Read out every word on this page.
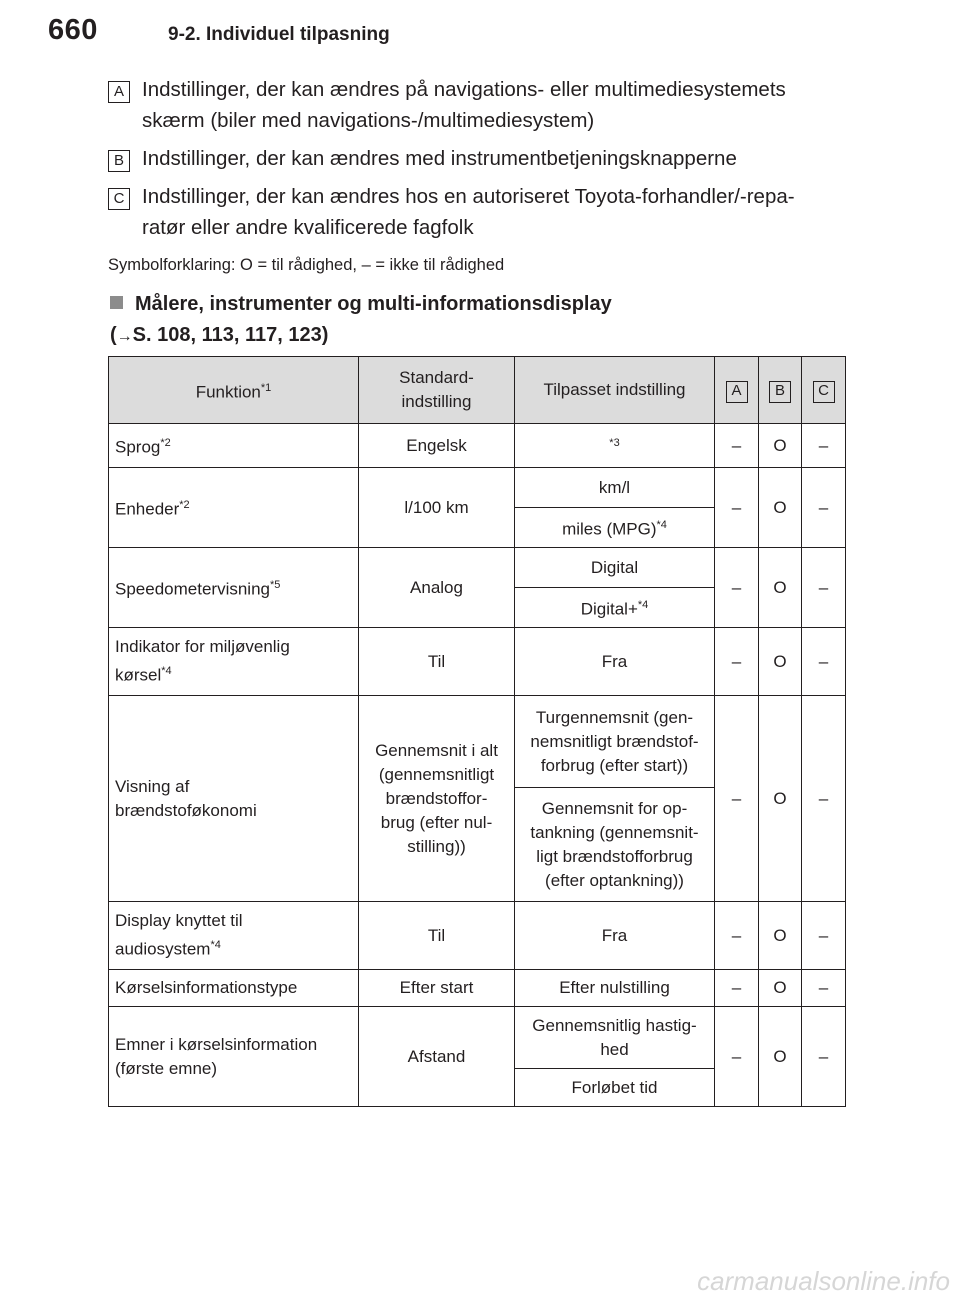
660	9-2. Individuel tilpasning
A Indstillinger, der kan ændres på navigations- eller multimediesystemets
skærm (biler med navigations-/multimediesystem)
B Indstillinger, der kan ændres med instrumentbetjeningsknapperne
C Indstillinger, der kan ændres hos en autoriseret Toyota-forhandler/-repa-
ratør eller andre kvalificerede fagfolk
Symbolforklaring: O = til rådighed, – = ikke til rådighed
Målere, instrumenter og multi-informationsdisplay
(→S. 108, 113, 117, 123)
Funktion$^{*1}$	Standard-
indstilling	Tilpasset indstilling	A	B	C
Sprog$^{*2}$	Engelsk	$^{*3}$	–	O	–
Enheder$^{*2}$	l/100 km	km/l	–	O	–
		miles (MPG)$^{*4}$
Speedometervisning$^{*5}$	Analog	Digital	–	O	–
		Digital+$^{*4}$
Indikator for miljøvenlig
kørsel$^{*4}$	Til	Fra	–	O	–
Visning af
brændstoføkonomi	Gennemsnit i alt
(gennemsnitligt
brændstoffor-
brug (efter nul-
stilling))	Turgennemsnit (gen-
nemsnitligt brændstof-
forbrug (efter start))	–	O	–
		Gennemsnit for op-
tankning (gennemsnit-
ligt brændstofforbrug
(efter optankning))			
Display knyttet til
audiosystem$^{*4}$	Til	Fra	–	O	–
Kørselsinformationstype	Efter start	Efter nulstilling	–	O	–
Emner i kørselsinformation
(første emne)	Afstand	Gennemsnitlig hastig-
hed	–	O	–
		Forløbet tid			
carmanualsonline.info
